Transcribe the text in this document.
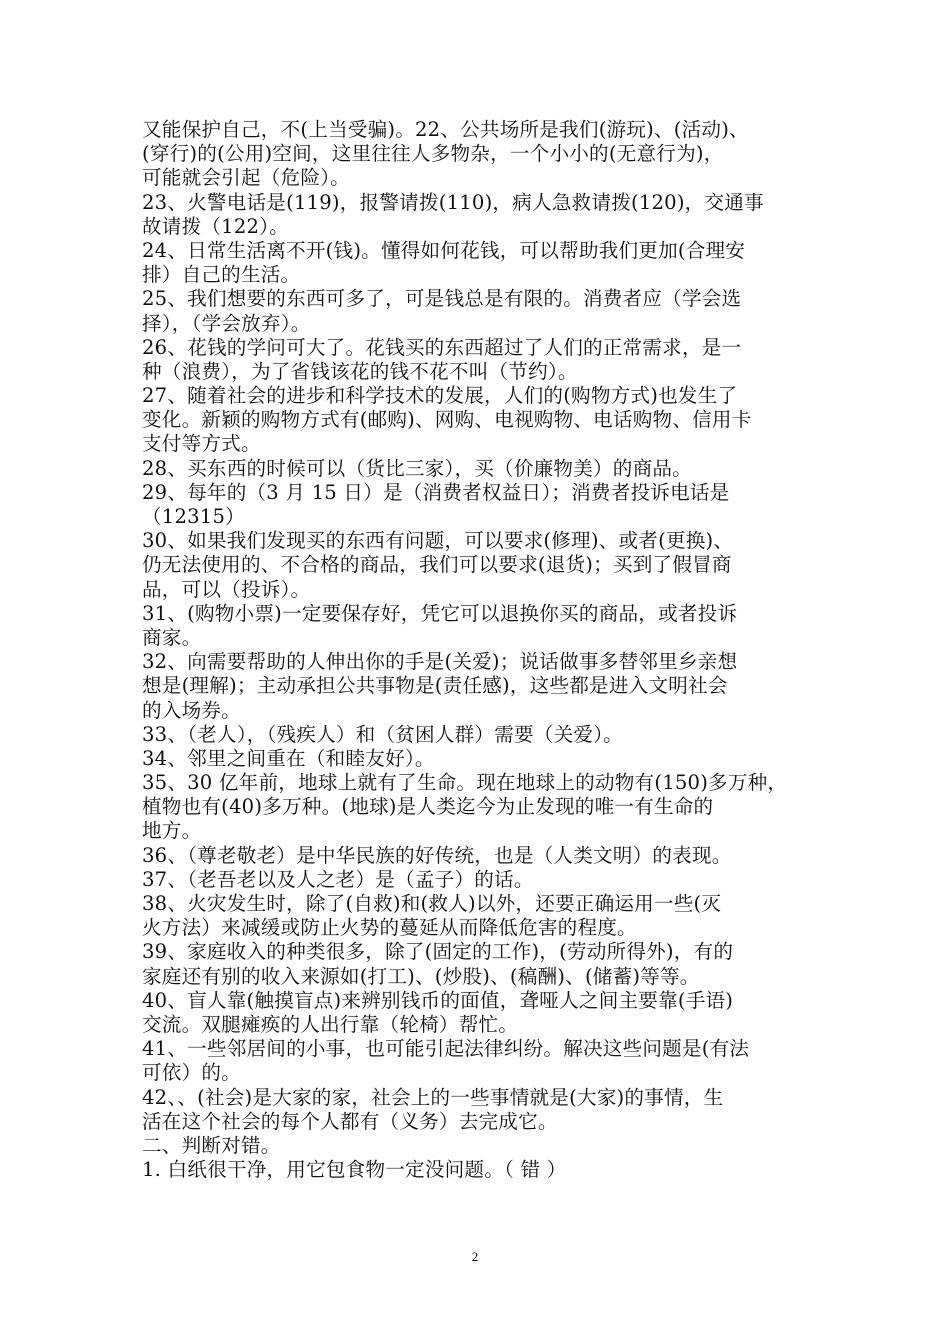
又能保护自己，不(上当受骗)。22、公共场所是我们(游玩)、(活动)、
(穿行)的(公用)空间，这里往往人多物杂，一个小小的(无意行为)，
可能就会引起（危险）。
23、火警电话是(119)，报警请拨(110)，病人急救请拨(120)，交通事
故请拨（122）。
24、日常生活离不开(钱)。懂得如何花钱，可以帮助我们更加(合理安
排）自己的生活。
25、我们想要的东西可多了，可是钱总是有限的。消费者应（学会选
择），（学会放弃）。
26、花钱的学问可大了。花钱买的东西超过了人们的正常需求，是一
种（浪费），为了省钱该花的钱不花不叫（节约）。
27、随着社会的进步和科学技术的发展，人们的(购物方式)也发生了
变化。新颖的购物方式有(邮购)、网购、电视购物、电话购物、信用卡
支付等方式。
28、买东西的时候可以（货比三家），买（价廉物美）的商品。
29、每年的（3 月 15 日）是（消费者权益日）；消费者投诉电话是
（12315）
30、如果我们发现买的东西有问题，可以要求(修理)、或者(更换)、
仍无法使用的、不合格的商品，我们可以要求(退货)；买到了假冒商
品，可以（投诉）。
31、(购物小票)一定要保存好，凭它可以退换你买的商品，或者投诉
商家。
32、向需要帮助的人伸出你的手是(关爱)；说话做事多替邻里乡亲想
想是(理解)；主动承担公共事物是(责任感)，这些都是进入文明社会
的入场券。
33、（老人），（残疾人）和（贫困人群）需要（关爱）。
34、邻里之间重在（和睦友好）。
35、30 亿年前，地球上就有了生命。现在地球上的动物有(150)多万种，
植物也有(40)多万种。(地球)是人类迄今为止发现的唯一有生命的
地方。
36、（尊老敬老）是中华民族的好传统，也是（人类文明）的表现。
37、（老吾老以及人之老）是（孟子）的话。
38、火灾发生时，除了(自救)和(救人)以外，还要正确运用一些(灭
火方法）来减缓或防止火势的蔓延从而降低危害的程度。
39、家庭收入的种类很多，除了(固定的工作)，(劳动所得外)，有的
家庭还有别的收入来源如(打工)、(炒股)、(稿酬)、(储蓄)等等。
40、盲人靠(触摸盲点)来辨别钱币的面值，聋哑人之间主要靠(手语)
交流。双腿瘫痪的人出行靠（轮椅）帮忙。
41、一些邻居间的小事，也可能引起法律纠纷。解决这些问题是(有法
可依）的。
42、、(社会)是大家的家，社会上的一些事情就是(大家)的事情，生
活在这个社会的每个人都有（义务）去完成它。
二、判断对错。
1. 白纸很干净，用它包食物一定没问题。（ 错 ）
2
